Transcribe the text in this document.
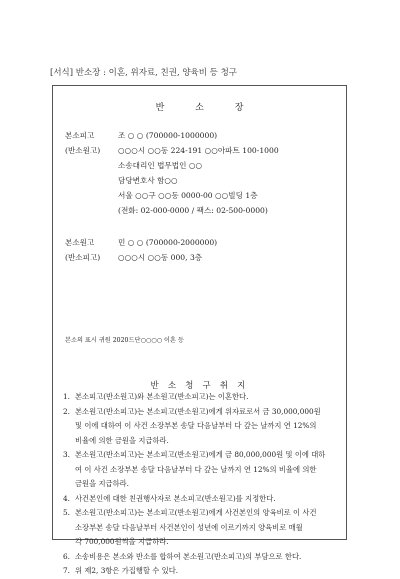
[서식] 반소장 : 이혼, 위자료, 친권, 양육비 등 청구
반 소 장
본소피고	조 ○ ○ (700000-1000000)
(반소원고) ○○○시 ○○동 224-191 ○○아파트 100-1000
소송대리인 법무법인 ○○
담당변호사 함○○
서울 ○○구 ○○동 0000-00 ○○빌딩 1층
(전화: 02-000-0000 / 팩스: 02-500-0000)
본소원고	민 ○ ○ (700000-2000000)
(반소피고) ○○○시 ○○동 000, 3층
본소의 표시 귀원 2020드단○○○○ 이혼 등
반 소 청 구 취 지
1. 본소피고(반소원고)와 본소원고(반소피고)는 이혼한다.
2. 본소원고(반소피고)는 본소피고(반소원고)에게 위자료로서 금 30,000,000원
및 이에 대하여 이 사건 소장부본 송달 다음날부터 다 갚는 날까지 연 12%의
비율에 의한 금원을 지급하라.
3. 본소원고(반소피고)는 본소피고(반소원고)에게 금 80,000,000원 및 이에 대하
여 이 사건 소장부본 송달 다음날부터 다 갚는 날까지 연 12%의 비율에 의한
금원을 지급하라.
4. 사건본인에 대한 친권행사자로 본소피고(반소원고)를 지정한다.
5. 본소원고(반소피고)는 본소피고(반소원고)에게 사건본인의 양육비로 이 사건
소장부본 송달 다음날부터 사건본인이 성년에 이르기까지 양육비로 매월
각 700,000원씩을 지급하라.
6. 소송비용은 본소와 반소를 합하여 본소원고(반소피고)의 부담으로 한다.
7. 위 제2, 3항은 가집행할 수 있다.
